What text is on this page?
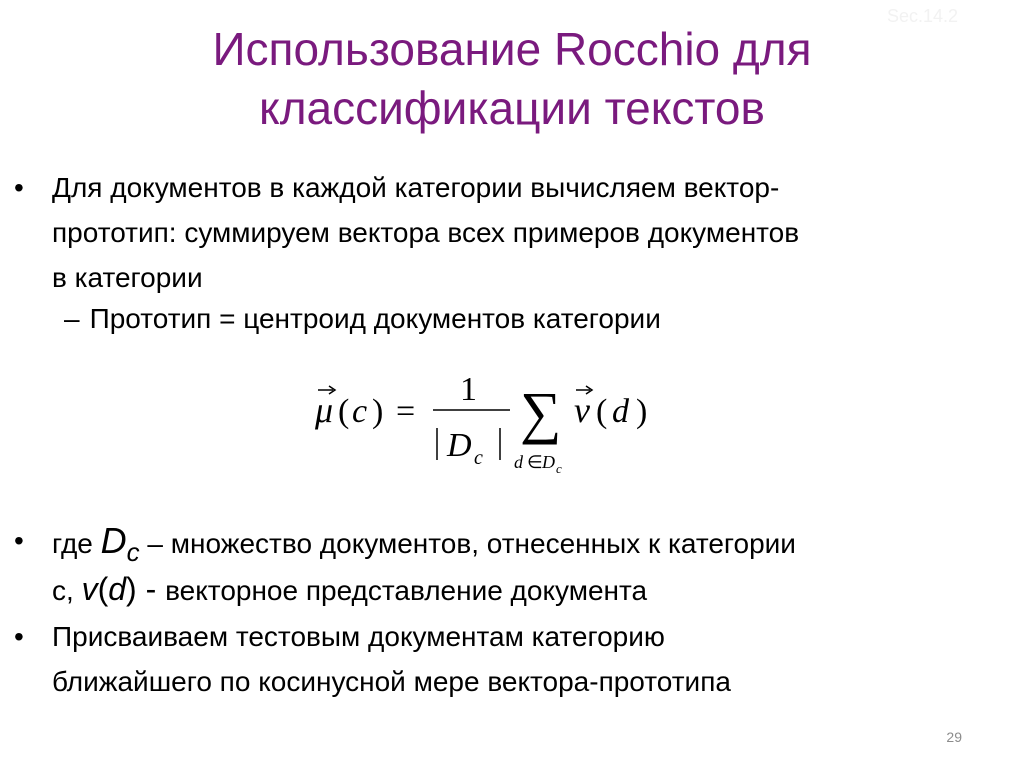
Sec.14.2
Использование Rocchio для
классификации текстов
•	Для документов в каждой категории вычисляем вектор-
прототип: суммируем вектора всех примеров документов
в категории
– Прототип = центроид документов категории
μ ( c ) =
1
D c
∑
d ∈ D c
v ( d )
•	где Dc – множество документов, отнесенных к категории
с, v(d) - векторное представление документа
•	Присваиваем тестовым документам категорию
ближайшего по косинусной мере вектора-прототипа
29
